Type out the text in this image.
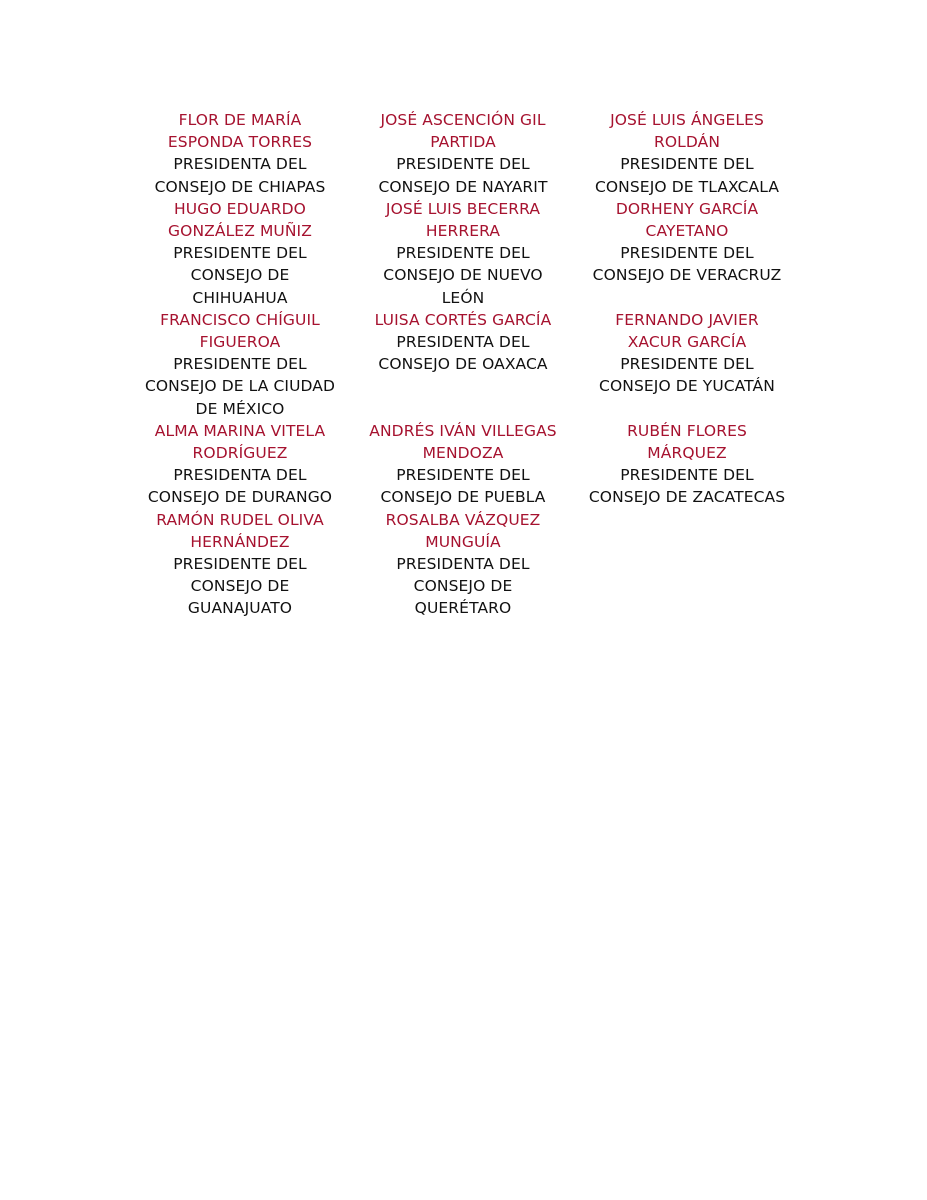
FLOR DE MARÍA
ESPONDA TORRES
PRESIDENTA DEL
CONSEJO DE CHIAPAS
HUGO EDUARDO
GONZÁLEZ MUÑIZ
PRESIDENTE DEL
CONSEJO DE
CHIHUAHUA
FRANCISCO CHÍGUIL
FIGUEROA
PRESIDENTE DEL
CONSEJO DE LA CIUDAD
DE MÉXICO
ALMA MARINA VITELA
RODRÍGUEZ
PRESIDENTA DEL
CONSEJO DE DURANGO
RAMÓN RUDEL OLIVA
HERNÁNDEZ
PRESIDENTE DEL
CONSEJO DE
GUANAJUATO
JOSÉ ASCENCIÓN GIL
PARTIDA
PRESIDENTE DEL
CONSEJO DE NAYARIT
JOSÉ LUIS BECERRA
HERRERA
PRESIDENTE DEL
CONSEJO DE NUEVO
LEÓN
LUISA CORTÉS GARCÍA
PRESIDENTA DEL
CONSEJO DE OAXACA
ANDRÉS IVÁN VILLEGAS
MENDOZA
PRESIDENTE DEL
CONSEJO DE PUEBLA
ROSALBA VÁZQUEZ
MUNGUÍA
PRESIDENTA DEL
CONSEJO DE
QUERÉTARO
JOSÉ LUIS ÁNGELES
ROLDÁN
PRESIDENTE DEL
CONSEJO DE TLAXCALA
DORHENY GARCÍA
CAYETANO
PRESIDENTE DEL
CONSEJO DE VERACRUZ
FERNANDO JAVIER
XACUR GARCÍA
PRESIDENTE DEL
CONSEJO DE YUCATÁN
RUBÉN FLORES
MÁRQUEZ
PRESIDENTE DEL
CONSEJO DE ZACATECAS
